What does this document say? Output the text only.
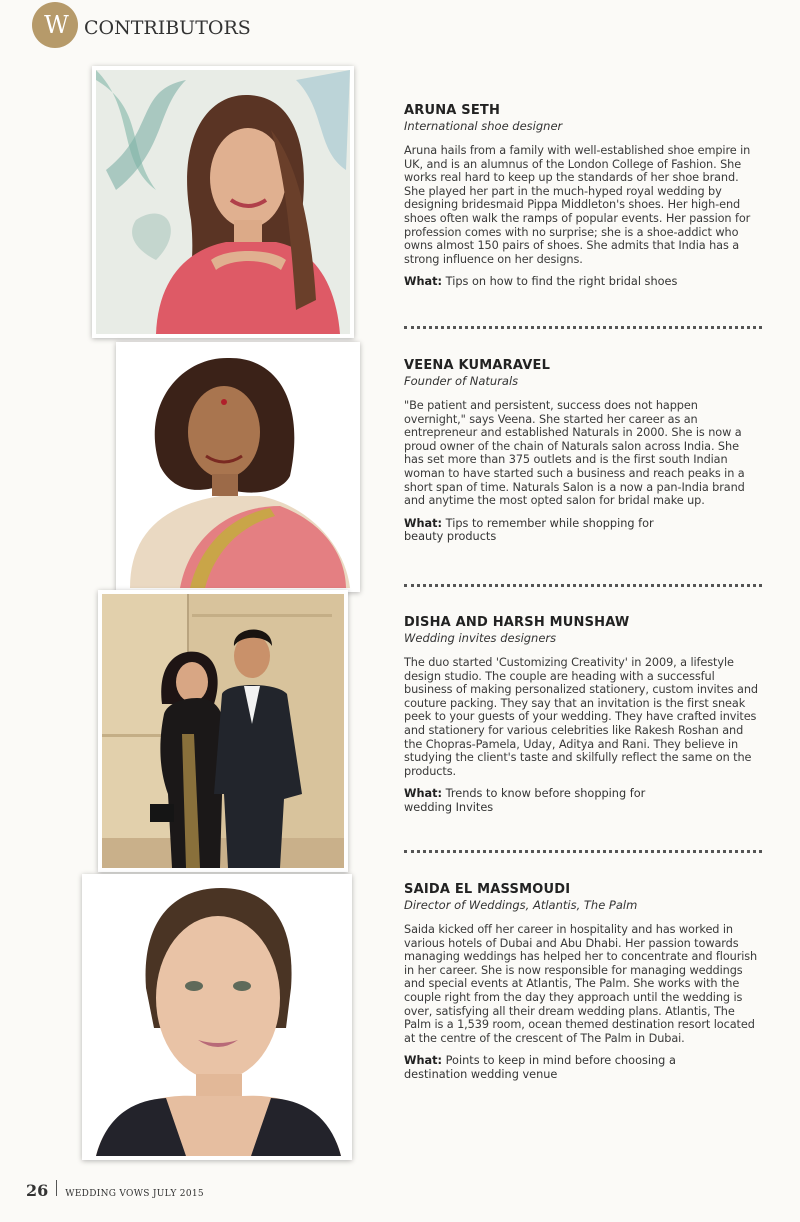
W CONTRIBUTORS
ARUNA SETH
International shoe designer

Aruna hails from a family with well-established shoe empire in UK, and is an alumnus of the London College of Fashion. She works real hard to keep up the standards of her shoe brand. She played her part in the much-hyped royal wedding by designing bridesmaid Pippa Middleton's shoes. Her high-end shoes often walk the ramps of popular events. Her passion for profession comes with no surprise; she is a shoe-addict who owns almost 150 pairs of shoes. She admits that India has a strong influence on her designs.

What: Tips on how to find the right bridal shoes
VEENA KUMARAVEL
Founder of Naturals

"Be patient and persistent, success does not happen overnight," says Veena. She started her career as an entrepreneur and established Naturals in 2000. She is now a proud owner of the chain of Naturals salon across India. She has set more than 375 outlets and is the first south Indian woman to have started such a business and reach peaks in a short span of time. Naturals Salon is a now a pan-India brand and anytime the most opted salon for bridal make up.

What: Tips to remember while shopping for beauty products
DISHA AND HARSH MUNSHAW
Wedding invites designers

The duo started 'Customizing Creativity' in 2009, a lifestyle design studio. The couple are heading with a successful business of making personalized stationery, custom invites and couture packing. They say that an invitation is the first sneak peek to your guests of your wedding. They have crafted invites and stationery for various celebrities like Rakesh Roshan and the Chopras-Pamela, Uday, Aditya and Rani. They believe in studying the client's taste and skilfully reflect the same on the products.

What: Trends to know before shopping for wedding Invites
SAIDA EL MASSMOUDI
Director of Weddings, Atlantis, The Palm

Saida kicked off her career in hospitality and has worked in various hotels of Dubai and Abu Dhabi. Her passion towards managing weddings has helped her to concentrate and flourish in her career. She is now responsible for managing weddings and special events at Atlantis, The Palm. She works with the couple right from the day they approach until the wedding is over, satisfying all their dream wedding plans. Atlantis, The Palm is a 1,539 room, ocean themed destination resort located at the centre of the crescent of The Palm in Dubai.

What: Points to keep in mind before choosing a destination wedding venue
26 WEDDING VOWS JULY 2015
